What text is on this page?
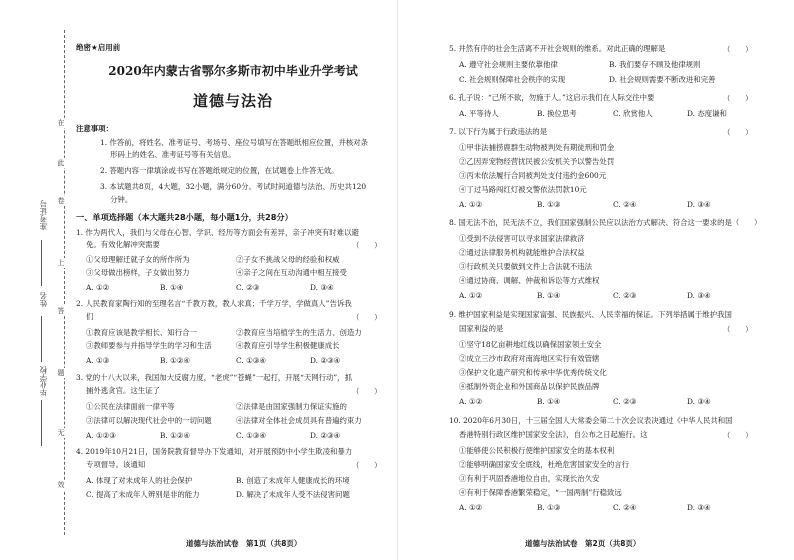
在
此
卷
上
答
题
无
效
准考证号
姓名
毕业学校
绝密★启用前
2020年内蒙古省鄂尔多斯市初中毕业升学考试
道德与法治
注意事项：
1. 作答前，将姓名、准考证号、考场号、座位号填写在答题纸相应位置，并核对条
形码上的姓名、准考证号等有关信息。
2. 答题内容一律填涂或书写在答题纸规定的位置，在试题卷上作答无效。
3. 本试题共8页，4大题，32小题，满分60分。考试时间道德与法治、历史共120
分钟。
一、单项选择题（本大题共28小题，每小题1分，共28分）
1. 作为两代人，我们与父母在心智、学识、经历等方面会有差异，亲子冲突有时难以避
免。有效化解冲突需要	（　　）
①父母理解迁就子女的所作所为	②子女不挑战父母的经验和权威
③父母做出榜样，子女做出努力	④亲子之间在互动沟通中相互接受
A. ①②	B. ①④	C. ②③	D. ③④
2. 人民教育家陶行知的至理名言“千教万教，教人求真；千学万学，学做真人”告诉我
们	（　　）
①教育应该是教学相长、知行合一	②教育应当培植学生的生活力、创造力
③教师要参与并指导学生的学习和生活	④教育应引导学生积极健康成长
A. ①③	B. ①②④	C. ①③④	D. ②③④
3. 党的十八大以来，我国加大反腐力度，“老虎”“苍蝇”一起打，开展“天网行动”，抓
捕外逃贪官。这生证了	（　　）
①公民在法律面前一律平等	②法律是由国家强制力保证实施的
③法律可以解决现代社会中的一切问题	④法律对全体社会成员具有普遍约束力
A. ①②③	B. ①②④	C. ①③④	D. ②③④
4. 2019年10月21日，国务院教育督导办下发通知，对开展预防中小学生欺凌和暴力
专项督导。该通知	（　　）
A. 体现了对未成年人的社会保护	B. 创造了未成年人健康成长的环境
C. 提高了未成年人辨别是非的能力	D. 解决了未成年人受不法侵害问题
道德与法治试卷　第1页（共8页）
5. 井然有序的社会生活离不开社会规则的维系。对此正确的理解是	（　　）
A. 遵守社会规则主要依靠他律	B. 我们要存不顾及他律规则
C. 社会规则保障社会秩序的实现	D. 社会规则需要不断改进和完善
6. 孔子说：“己所不欲，勿施于人。”这启示我们在人际交往中要	（　　）
A. 平等待人	B. 换位思考	C. 欣赏他人	D. 态度谦和
7. 以下行为属于行政违法的是	（　　）
①甲非法捕捞鹿群生动物被判处有期徒刑和罚金
②乙因弄宠物经营扰民被公安机关予以警告处罚
③丙未依法履行合同被判处支付违约金600元
④丁过马路闯红灯被交警依法罚款10元
A. ①②	B. ①③	C. ②④	D. ③④
8. 国无法不治，民无法不立，我们国家强制公民应以法治方式解决、符合这一要求的是（　　）
①受到不法侵害可以寻求国家法律救济
②通过法律服务机构就能维护合法权益
③行政机关只要做到文件上合法就不违法
④通过协商、调解、仲裁和诉讼等方式维权
A. ①②	B. ①④	C. ②③	D. ③④
9. 维护国家利益是实现国家富强、民族振兴、人民幸福的保证。下列举措属于维护我国
国家利益的是	（　　）
①坚守18亿亩耕地红线以确保国家领土安全
②成立三沙市政府对南海地区实行有效管辖
③保护文化遗产研究和传承中华优秀传统文化
④抵制外资企业和外国商品以保护民族品牌
A. ①②	B. ①④	C. ②③	D. ③④
10. 2020年6月30日，十三届全国人大常委会第二十次会议表决通过《中华人民共和国
香港特别行政区维护国家安全法》，自公布之日起施行。这	（　　）
①能够使公民积极行使维护国家安全的基本权利
②能够明确国家安全底线，杜绝危害国家安全的言行
③有利于巩固香港地位自由，实现长治久安
④有利于保障香港繁荣稳定，“一国两制”行稳致远
A. ①②	B. ①③	C. ②④	D. ③④
道德与法治试卷　第2页（共8页）
